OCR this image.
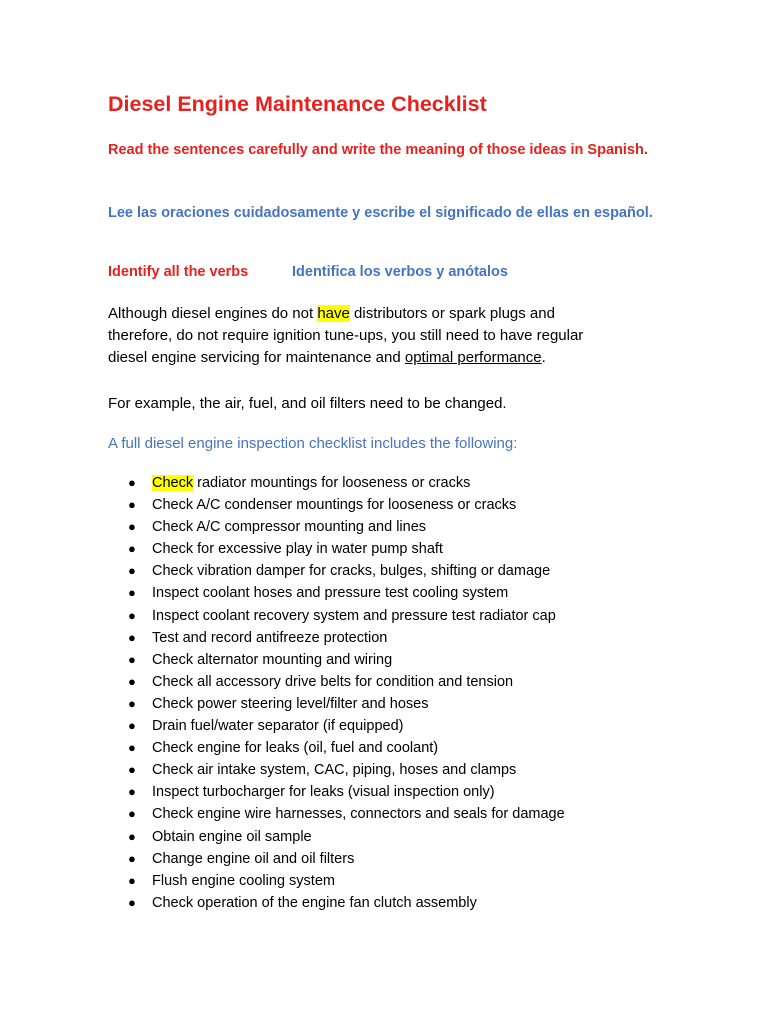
Diesel Engine Maintenance Checklist

Read the sentences carefully and write the meaning of those ideas in Spanish.

Lee las oraciones cuidadosamente y escribe el significado de ellas en español.

Identify all the verbs	Identifica los verbos y anótalos

Although diesel engines do not have distributors or spark plugs and therefore, do not require ignition tune-ups, you still need to have regular diesel engine servicing for maintenance and optimal performance.

For example, the air, fuel, and oil filters need to be changed.

A full diesel engine inspection checklist includes the following:

● Check radiator mountings for looseness or cracks
● Check A/C condenser mountings for looseness or cracks
● Check A/C compressor mounting and lines
● Check for excessive play in water pump shaft
● Check vibration damper for cracks, bulges, shifting or damage
● Inspect coolant hoses and pressure test cooling system
● Inspect coolant recovery system and pressure test radiator cap
● Test and record antifreeze protection
● Check alternator mounting and wiring
● Check all accessory drive belts for condition and tension
● Check power steering level/filter and hoses
● Drain fuel/water separator (if equipped)
● Check engine for leaks (oil, fuel and coolant)
● Check air intake system, CAC, piping, hoses and clamps
● Inspect turbocharger for leaks (visual inspection only)
● Check engine wire harnesses, connectors and seals for damage
● Obtain engine oil sample
● Change engine oil and oil filters
● Flush engine cooling system
● Check operation of the engine fan clutch assembly
